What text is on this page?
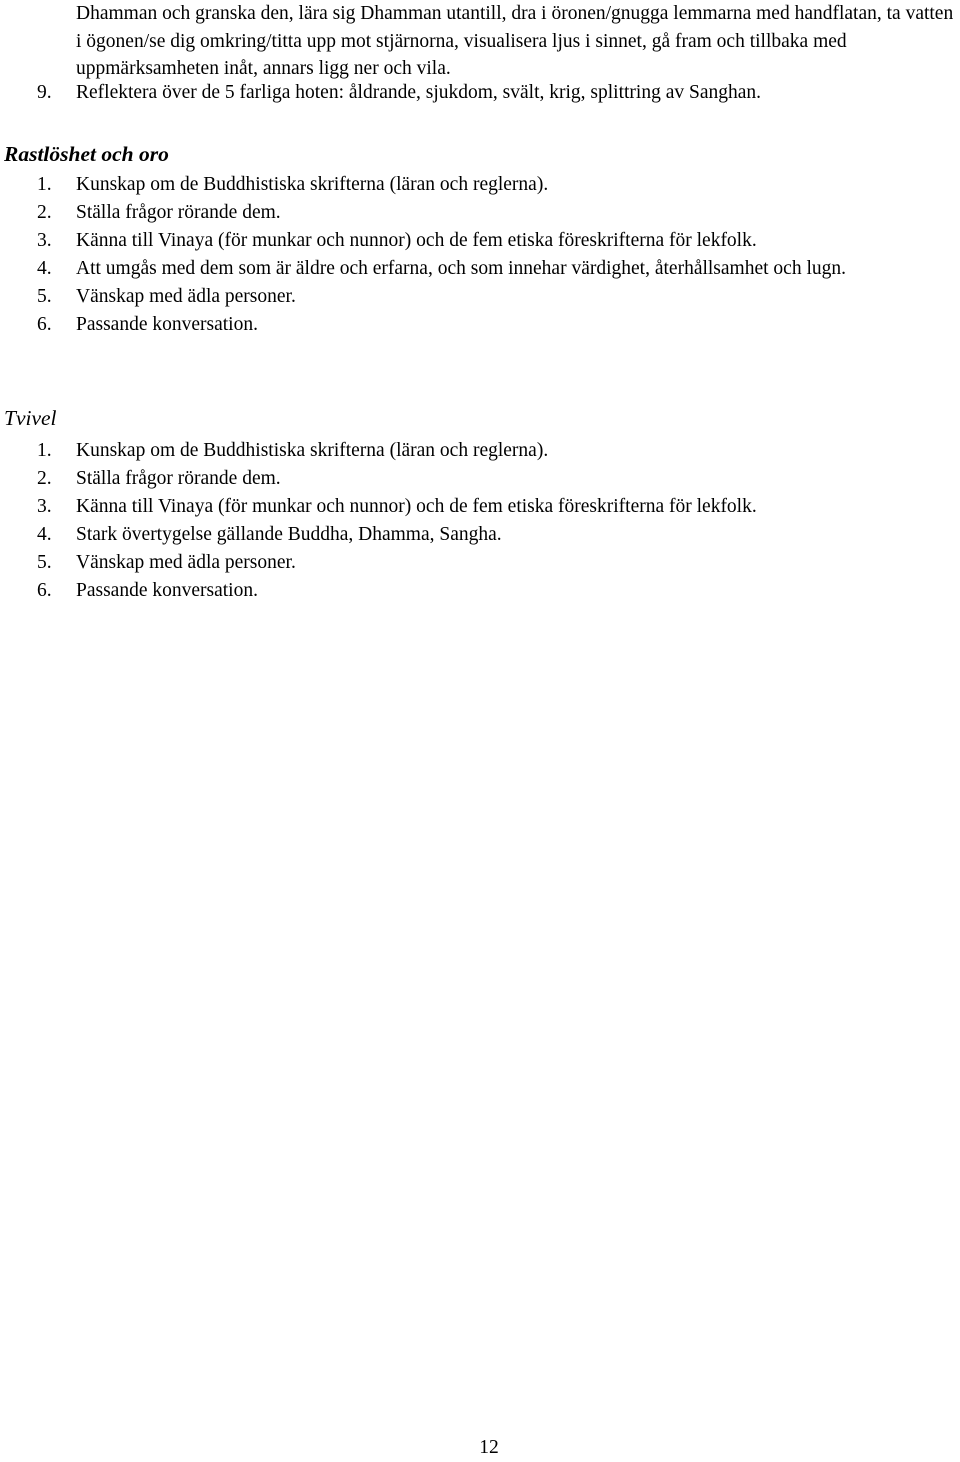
Dhamman och granska den, lära sig Dhamman utantill, dra i öronen/gnugga lemmarna med handflatan, ta vatten i ögonen/se dig omkring/titta upp mot stjärnorna, visualisera ljus i sinnet, gå fram och tillbaka med uppmärksamheten inåt, annars ligg ner och vila.

9. Reflektera över de 5 farliga hoten: åldrande, sjukdom, svält, krig, splittring av Sanghan.
Rastlöshet och oro
1. Kunskap om de Buddhistiska skrifterna (läran och reglerna).
2. Ställa frågor rörande dem.
3. Känna till Vinaya (för munkar och nunnor) och de fem etiska föreskrifterna för lekfolk.
4. Att umgås med dem som är äldre och erfarna, och som innehar värdighet, återhållsamhet och lugn.
5. Vänskap med ädla personer.
6. Passande konversation.
Tvivel
1. Kunskap om de Buddhistiska skrifterna (läran och reglerna).
2. Ställa frågor rörande dem.
3. Känna till Vinaya (för munkar och nunnor) och de fem etiska föreskrifterna för lekfolk.
4. Stark övertygelse gällande Buddha, Dhamma, Sangha.
5. Vänskap med ädla personer.
6. Passande konversation.
12
